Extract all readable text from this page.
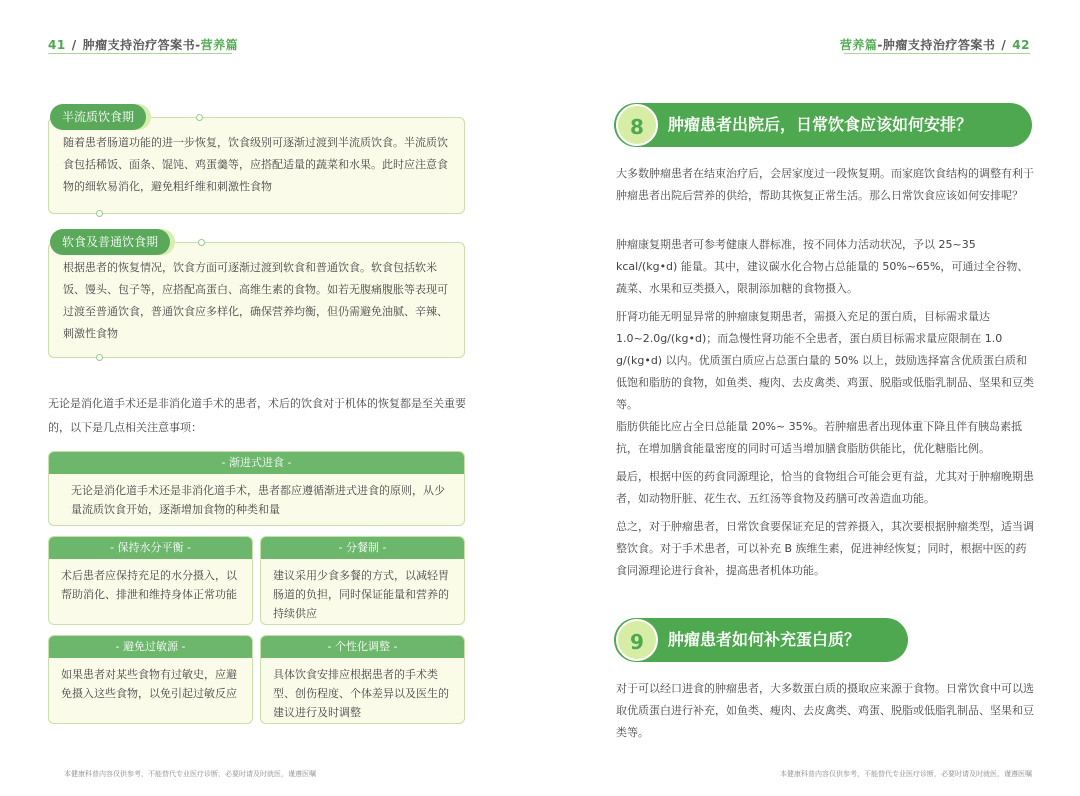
41 / 肿瘤支持治疗答案书-营养篇
随着患者肠道功能的进一步恢复，饮食级别可逐渐过渡到半流质饮食。半流质饮食包括稀饭、面条、馄饨、鸡蛋羹等，应搭配适量的蔬菜和水果。此时应注意食物的细软易消化，避免粗纤维和刺激性食物
半流质饮食期
根据患者的恢复情况，饮食方面可逐渐过渡到软食和普通饮食。软食包括软米饭、馒头、包子等，应搭配高蛋白、高维生素的食物。如若无腹痛腹胀等表现可过渡至普通饮食，普通饮食应多样化，确保营养均衡，但仍需避免油腻、辛辣、刺激性食物
软食及普通饮食期
无论是消化道手术还是非消化道手术的患者，术后的饮食对于机体的恢复都是至关重要的，以下是几点相关注意事项：
- 渐进式进食 -
无论是消化道手术还是非消化道手术，患者都应遵循渐进式进食的原则，从少量流质饮食开始，逐渐增加食物的种类和量
- 保持水分平衡 -
术后患者应保持充足的水分摄入，以帮助消化、排泄和维持身体正常功能
- 分餐制 -
建议采用少食多餐的方式，以减轻胃肠道的负担，同时保证能量和营养的持续供应
- 避免过敏源 -
如果患者对某些食物有过敏史，应避免摄入这些食物，以免引起过敏反应
- 个性化调整 -
具体饮食安排应根据患者的手术类型、创伤程度、个体差异以及医生的建议进行及时调整
本健康科普内容仅供参考，不能替代专业医疗诊断，必要时请及时就医，谨遵医嘱
营养篇-肿瘤支持治疗答案书 / 42
肿瘤患者出院后，日常饮食应该如何安排？
8
大多数肿瘤患者在结束治疗后，会居家度过一段恢复期。而家庭饮食结构的调整有利于肿瘤患者出院后营养的供给，帮助其恢复正常生活。那么日常饮食应该如何安排呢？
肿瘤康复期患者可参考健康人群标准，按不同体力活动状况，予以 25~35 kcal/(kg•d) 能量。其中，建议碳水化合物占总能量的 50%~65%，可通过全谷物、蔬菜、水果和豆类摄入，限制添加糖的食物摄入。
肝肾功能无明显异常的肿瘤康复期患者，需摄入充足的蛋白质，目标需求量达 1.0~2.0g/(kg•d)；而急慢性肾功能不全患者，蛋白质目标需求量应限制在 1.0 g/(kg•d) 以内。优质蛋白质应占总蛋白量的 50% 以上，鼓励选择富含优质蛋白质和低饱和脂肪的食物，如鱼类、瘦肉、去皮禽类、鸡蛋、脱脂或低脂乳制品、坚果和豆类等。
脂肪供能比应占全日总能量 20%~ 35%。若肿瘤患者出现体重下降且伴有胰岛素抵抗，在增加膳食能量密度的同时可适当增加膳食脂肪供能比，优化糖脂比例。
最后，根据中医的药食同源理论，恰当的食物组合可能会更有益，尤其对于肿瘤晚期患者，如动物肝脏、花生衣、五红汤等食物及药膳可改善造血功能。
总之，对于肿瘤患者，日常饮食要保证充足的营养摄入，其次要根据肿瘤类型，适当调整饮食。对于手术患者，可以补充 B 族维生素，促进神经恢复；同时，根据中医的药食同源理论进行食补，提高患者机体功能。
肿瘤患者如何补充蛋白质？
9
对于可以经口进食的肿瘤患者，大多数蛋白质的摄取应来源于食物。日常饮食中可以选取优质蛋白进行补充，如鱼类、瘦肉、去皮禽类、鸡蛋、脱脂或低脂乳制品、坚果和豆类等。
本健康科普内容仅供参考，不能替代专业医疗诊断，必要时请及时就医，谨遵医嘱
